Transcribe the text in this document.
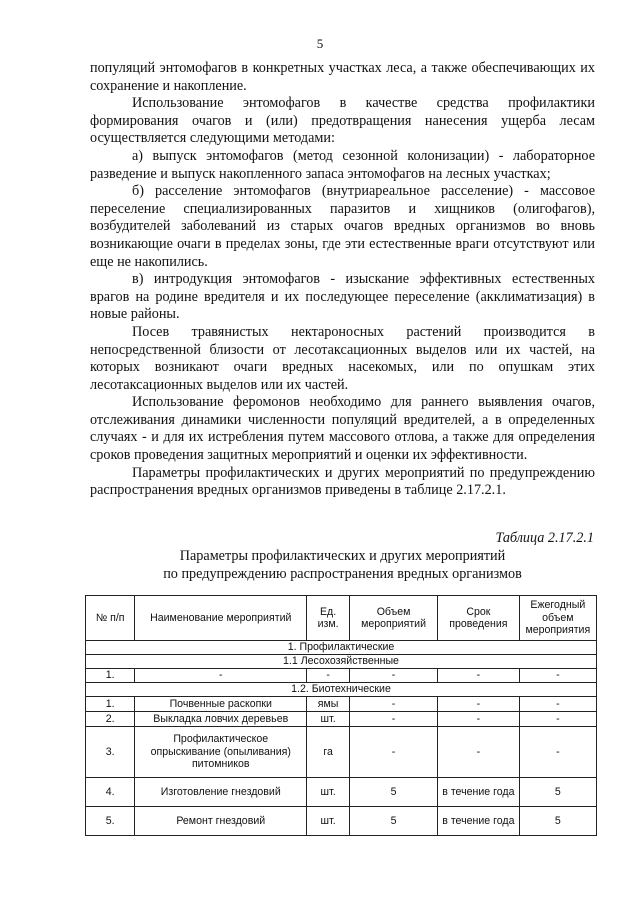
5

популяций энтомофагов в конкретных участках леса, а также обеспечивающих их сохранение и накопление.

Использование энтомофагов в качестве средства профилактики формирования очагов и (или) предотвращения нанесения ущерба лесам осуществляется следующими методами:

а) выпуск энтомофагов (метод сезонной колонизации) - лабораторное разведение и выпуск накопленного запаса энтомофагов на лесных участках;

б) расселение энтомофагов (внутриареальное расселение) - массовое переселение специализированных паразитов и хищников (олигофагов), возбудителей заболеваний из старых очагов вредных организмов во вновь возникающие очаги в пределах зоны, где эти естественные враги отсутствуют или еще не накопились.

в) интродукция энтомофагов - изыскание эффективных естественных врагов на родине вредителя и их последующее переселение (акклиматизация) в новые районы.

Посев травянистых нектароносных растений производится в непосредственной близости от лесотаксационных выделов или их частей, на которых возникают очаги вредных насекомых, или по опушкам этих лесотаксационных выделов или их частей.

Использование феромонов необходимо для раннего выявления очагов, отслеживания динамики численности популяций вредителей, а в определенных случаях - и для их истребления путем массового отлова, а также для определения сроков проведения защитных мероприятий и оценки их эффективности.

Параметры профилактических и других мероприятий по предупреждению распространения вредных организмов приведены в таблице 2.17.2.1.

Таблица 2.17.2.1
Параметры профилактических и других мероприятий
по предупреждению распространения вредных организмов
№ п/п	Наименование мероприятий	Ед. изм.	Объем мероприятий	Срок проведения	Ежегодный объем мероприятия
1. Профилактические					
1.1 Лесохозяйственные					
1.	-	-	-	-	-
1.2. Биотехнические					
1.	Почвенные раскопки	ямы	-	-	-
2.	Выкладка ловчих деревьев	шт.	-	-	-
3.	Профилактическое опрыскивание (опыливания) питомников	га	-	-	-
4.	Изготовление гнездовий	шт.	5	в течение года	5
5.	Ремонт гнездовий	шт.	5	в течение года	5
